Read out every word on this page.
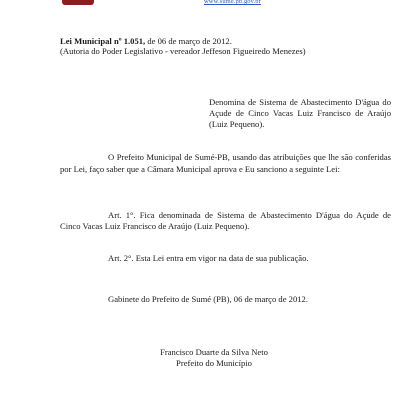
www.sume.pb.gov.br
Lei Municipal nº 1.051, de 06 de março de 2012.
(Autoria do Poder Legislativo - vereador Jeffeson Figueiredo Menezes)
Denomina de Sistema de Abastecimento D'água do Açude de Cinco Vacas Luiz Francisco de Araújo (Luiz Pequeno).
O Prefeito Municipal de Sumé-PB, usando das atribuições que lhe são conferidas por Lei, faço saber que a Câmara Municipal aprova e Eu sanciono a seguinte Lei:
Art. 1°. Fica denominada de Sistema de Abastecimento D'água do Açude de Cinco Vacas Luiz Francisco de Araújo (Luiz Pequeno).
Art. 2°. Esta Lei entra em vigor na data de sua publicação.
Gabinete do Prefeito de Sumé (PB), 06 de março de 2012.
Francisco Duarte da Silva Neto
Prefeito do Município
